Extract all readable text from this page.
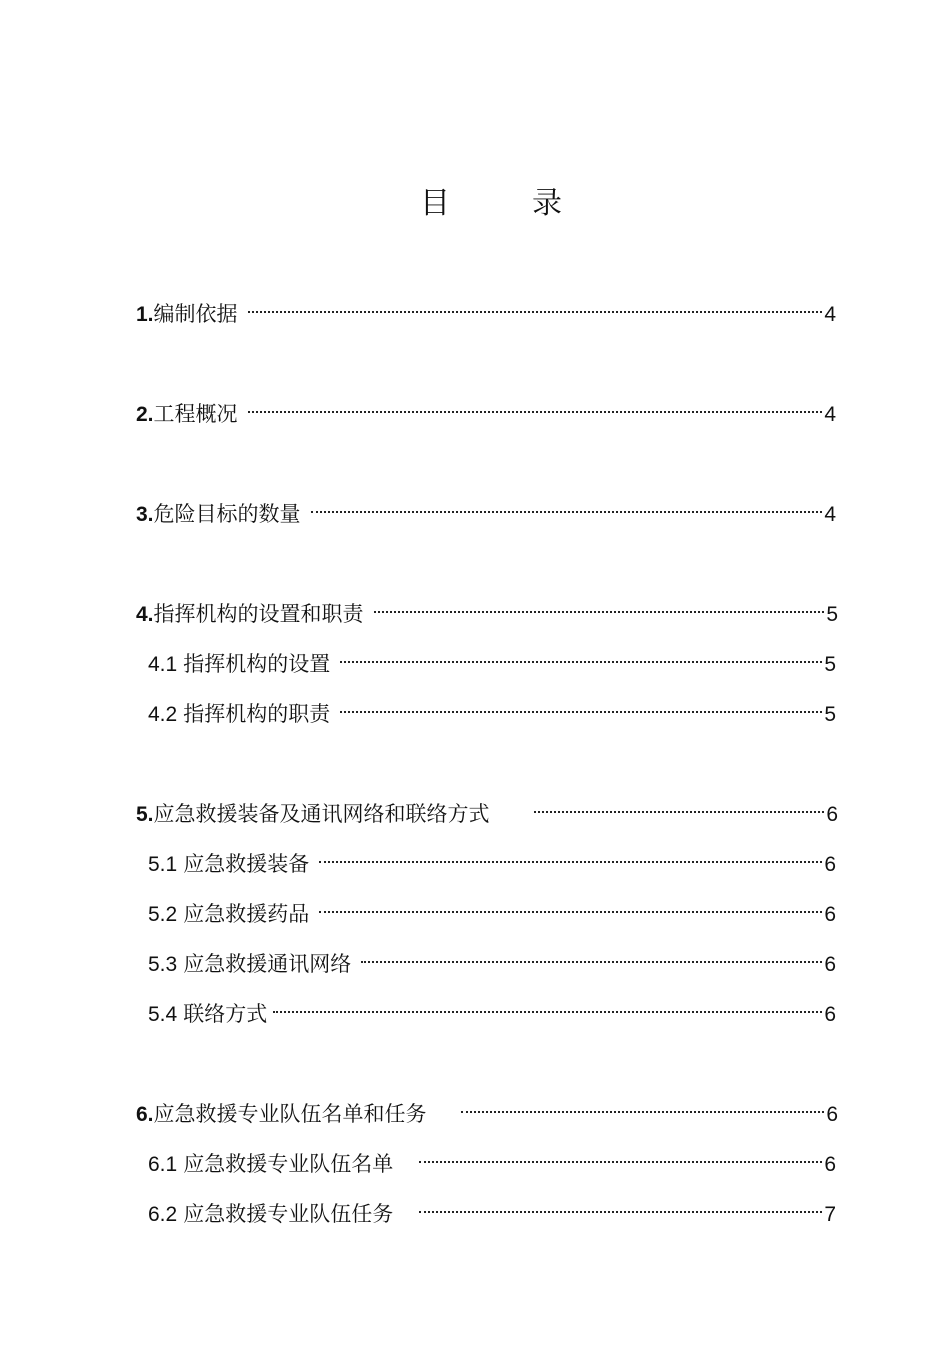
目	录
1. 编制依据	4
2. 工程概况	4
3. 危险目标的数量	4
4. 指挥机构的设置和职责	5
4.1 指挥机构的设置	5
4.2 指挥机构的职责	5
5. 应急救援装备及通讯网络和联络方式	6
5.1 应急救援装备	6
5.2 应急救援药品	6
5.3 应急救援通讯网络	6
5.4 联络方式	6
6. 应急救援专业队伍名单和任务	6
6.1 应急救援专业队伍名单	6
6.2 应急救援专业队伍任务	7
